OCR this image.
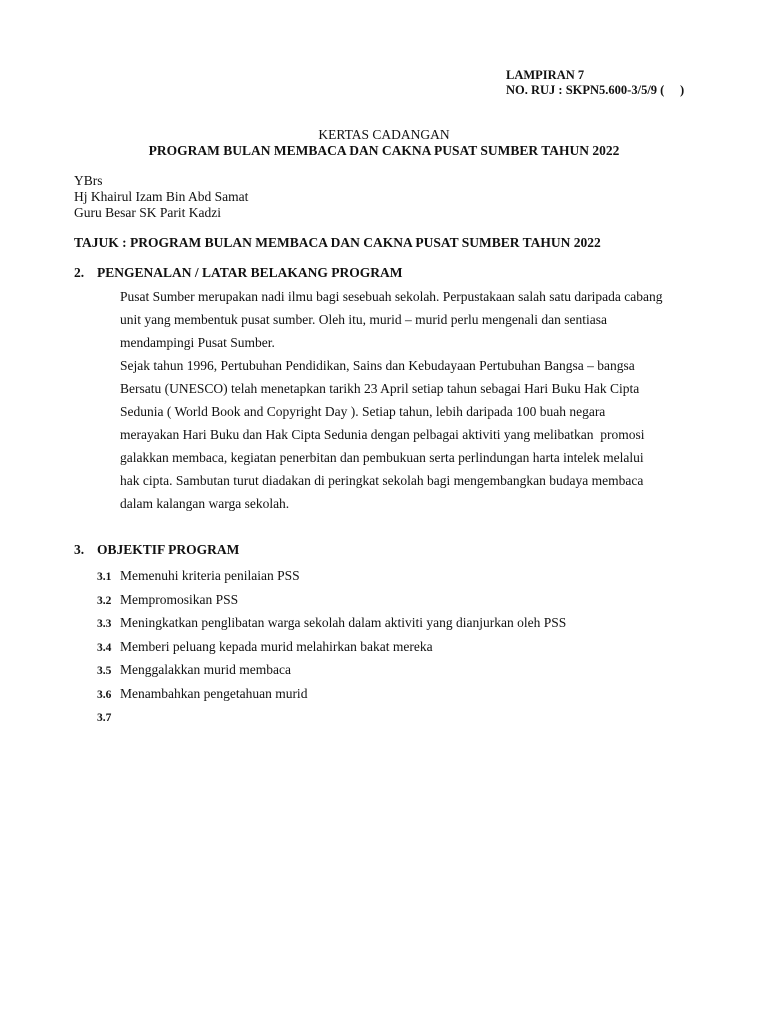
LAMPIRAN 7
NO. RUJ : SKPN5.600-3/5/9 (     )
KERTAS CADANGAN
PROGRAM BULAN MEMBACA DAN CAKNA PUSAT SUMBER TAHUN 2022
YBrs
Hj Khairul Izam Bin Abd Samat
Guru Besar SK Parit Kadzi
TAJUK : PROGRAM BULAN MEMBACA DAN CAKNA PUSAT SUMBER TAHUN 2022
2. PENGENALAN / LATAR BELAKANG PROGRAM
Pusat Sumber merupakan nadi ilmu bagi sesebuah sekolah. Perpustakaan salah satu daripada cabang
unit yang membentuk pusat sumber. Oleh itu, murid – murid perlu mengenali dan sentiasa
mendampingi Pusat Sumber.
Sejak tahun 1996, Pertubuhan Pendidikan, Sains dan Kebudayaan Pertubuhan Bangsa – bangsa
Bersatu (UNESCO) telah menetapkan tarikh 23 April setiap tahun sebagai Hari Buku Hak Cipta
Sedunia ( World Book and Copyright Day ). Setiap tahun, lebih daripada 100 buah negara
merayakan Hari Buku dan Hak Cipta Sedunia dengan pelbagai aktiviti yang melibatkan  promosi
galakkan membaca, kegiatan penerbitan dan pembukuan serta perlindungan harta intelek melalui
hak cipta. Sambutan turut diadakan di peringkat sekolah bagi mengembangkan budaya membaca
dalam kalangan warga sekolah.
3. OBJEKTIF PROGRAM
3.1 Memenuhi kriteria penilaian PSS
3.2 Mempromosikan PSS
3.3 Meningkatkan penglibatan warga sekolah dalam aktiviti yang dianjurkan oleh PSS
3.4 Memberi peluang kepada murid melahirkan bakat mereka
3.5 Menggalakkan murid membaca
3.6 Menambahkan pengetahuan murid
3.7
